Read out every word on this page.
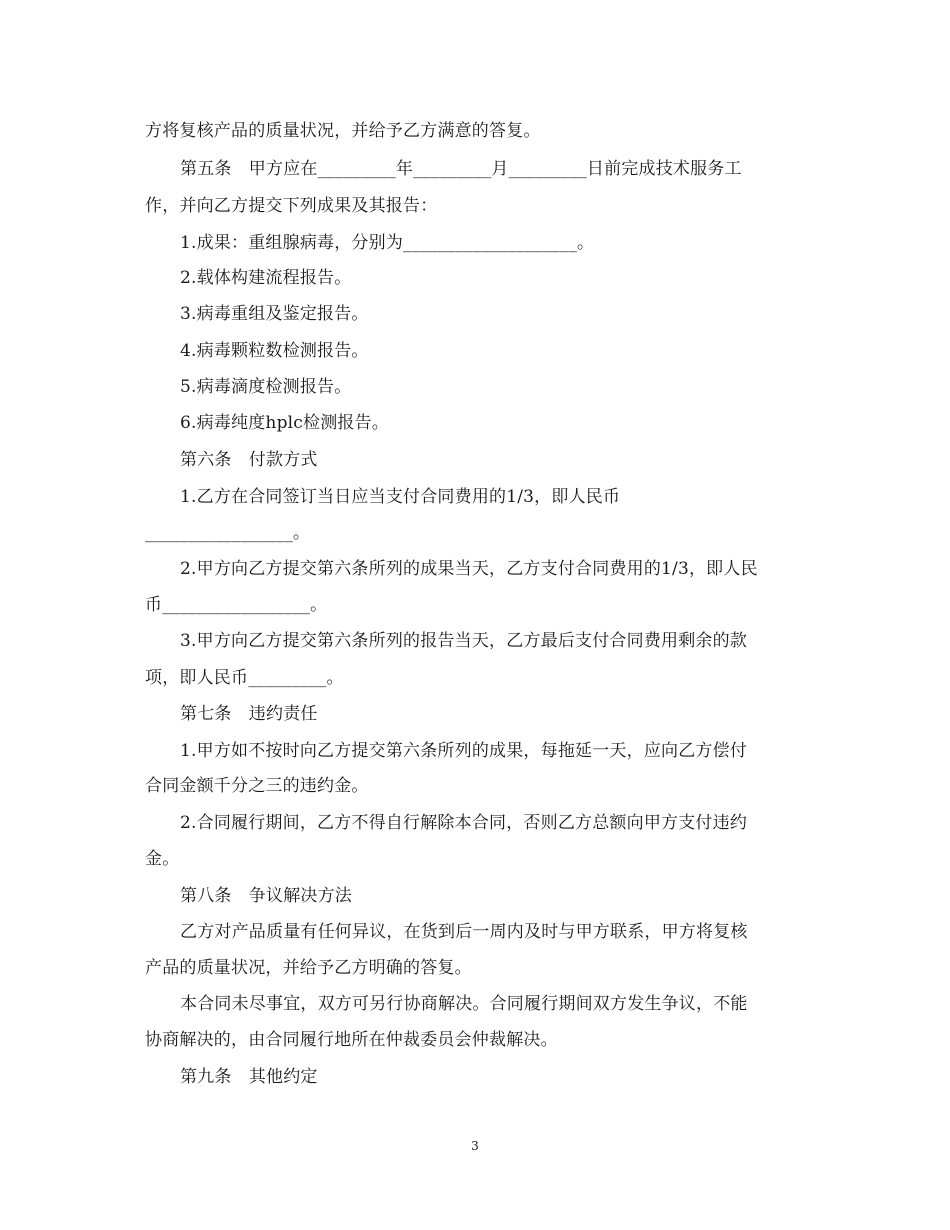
方将复核产品的质量状况，并给予乙方满意的答复。
第五条　甲方应在_________年_________月_________日前完成技术服务工
作，并向乙方提交下列成果及其报告：
1.成果：重组腺病毒，分别为____________________。
2.载体构建流程报告。
3.病毒重组及鉴定报告。
4.病毒颗粒数检测报告。
5.病毒滴度检测报告。
6.病毒纯度hplc检测报告。
第六条　付款方式
1.乙方在合同签订当日应当支付合同费用的1/3，即人民币
_________________。
2.甲方向乙方提交第六条所列的成果当天，乙方支付合同费用的1/3，即人民
币_________________。
3.甲方向乙方提交第六条所列的报告当天，乙方最后支付合同费用剩余的款
项，即人民币_________。
第七条　违约责任
1.甲方如不按时向乙方提交第六条所列的成果，每拖延一天，应向乙方偿付
合同金额千分之三的违约金。
2.合同履行期间，乙方不得自行解除本合同，否则乙方总额向甲方支付违约
金。
第八条　争议解决方法
乙方对产品质量有任何异议，在货到后一周内及时与甲方联系，甲方将复核
产品的质量状况，并给予乙方明确的答复。
本合同未尽事宜，双方可另行协商解决。合同履行期间双方发生争议，不能
协商解决的，由合同履行地所在仲裁委员会仲裁解决。
第九条　其他约定
3
